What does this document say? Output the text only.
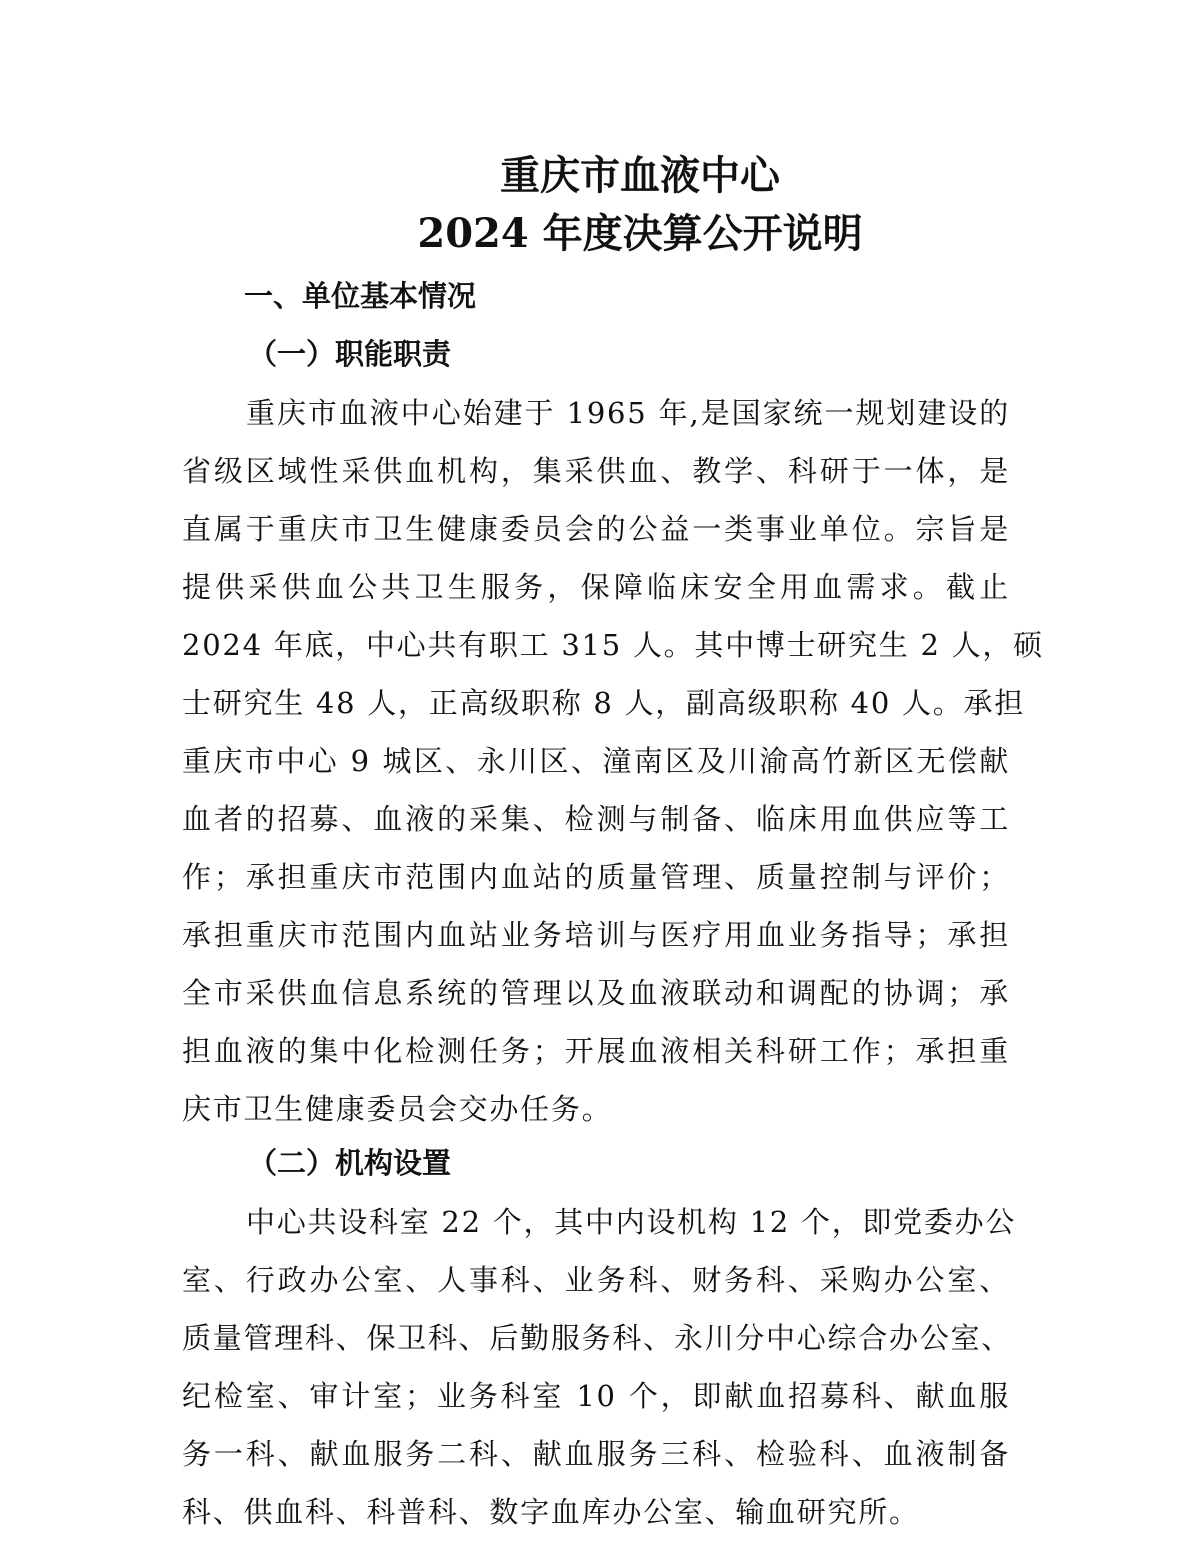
重庆市血液中心
2024 年度决算公开说明
一、单位基本情况
（一）职能职责
重庆市血液中心始建于 1965 年,是国家统一规划建设的
省级区域性采供血机构，集采供血、教学、科研于一体，是
直属于重庆市卫生健康委员会的公益一类事业单位。宗旨是
提供采供血公共卫生服务，保障临床安全用血需求。截止
2024 年底，中心共有职工 315 人。其中博士研究生 2 人，硕
士研究生 48 人，正高级职称 8 人，副高级职称 40 人。承担
重庆市中心 9 城区、永川区、潼南区及川渝高竹新区无偿献
血者的招募、血液的采集、检测与制备、临床用血供应等工
作；承担重庆市范围内血站的质量管理、质量控制与评价；
承担重庆市范围内血站业务培训与医疗用血业务指导；承担
全市采供血信息系统的管理以及血液联动和调配的协调；承
担血液的集中化检测任务；开展血液相关科研工作；承担重
庆市卫生健康委员会交办任务。
（二）机构设置
中心共设科室 22 个，其中内设机构 12 个，即党委办公
室、行政办公室、人事科、业务科、财务科、采购办公室、
质量管理科、保卫科、后勤服务科、永川分中心综合办公室、
纪检室、审计室；业务科室 10 个，即献血招募科、献血服
务一科、献血服务二科、献血服务三科、检验科、血液制备
科、供血科、科普科、数字血库办公室、输血研究所。
